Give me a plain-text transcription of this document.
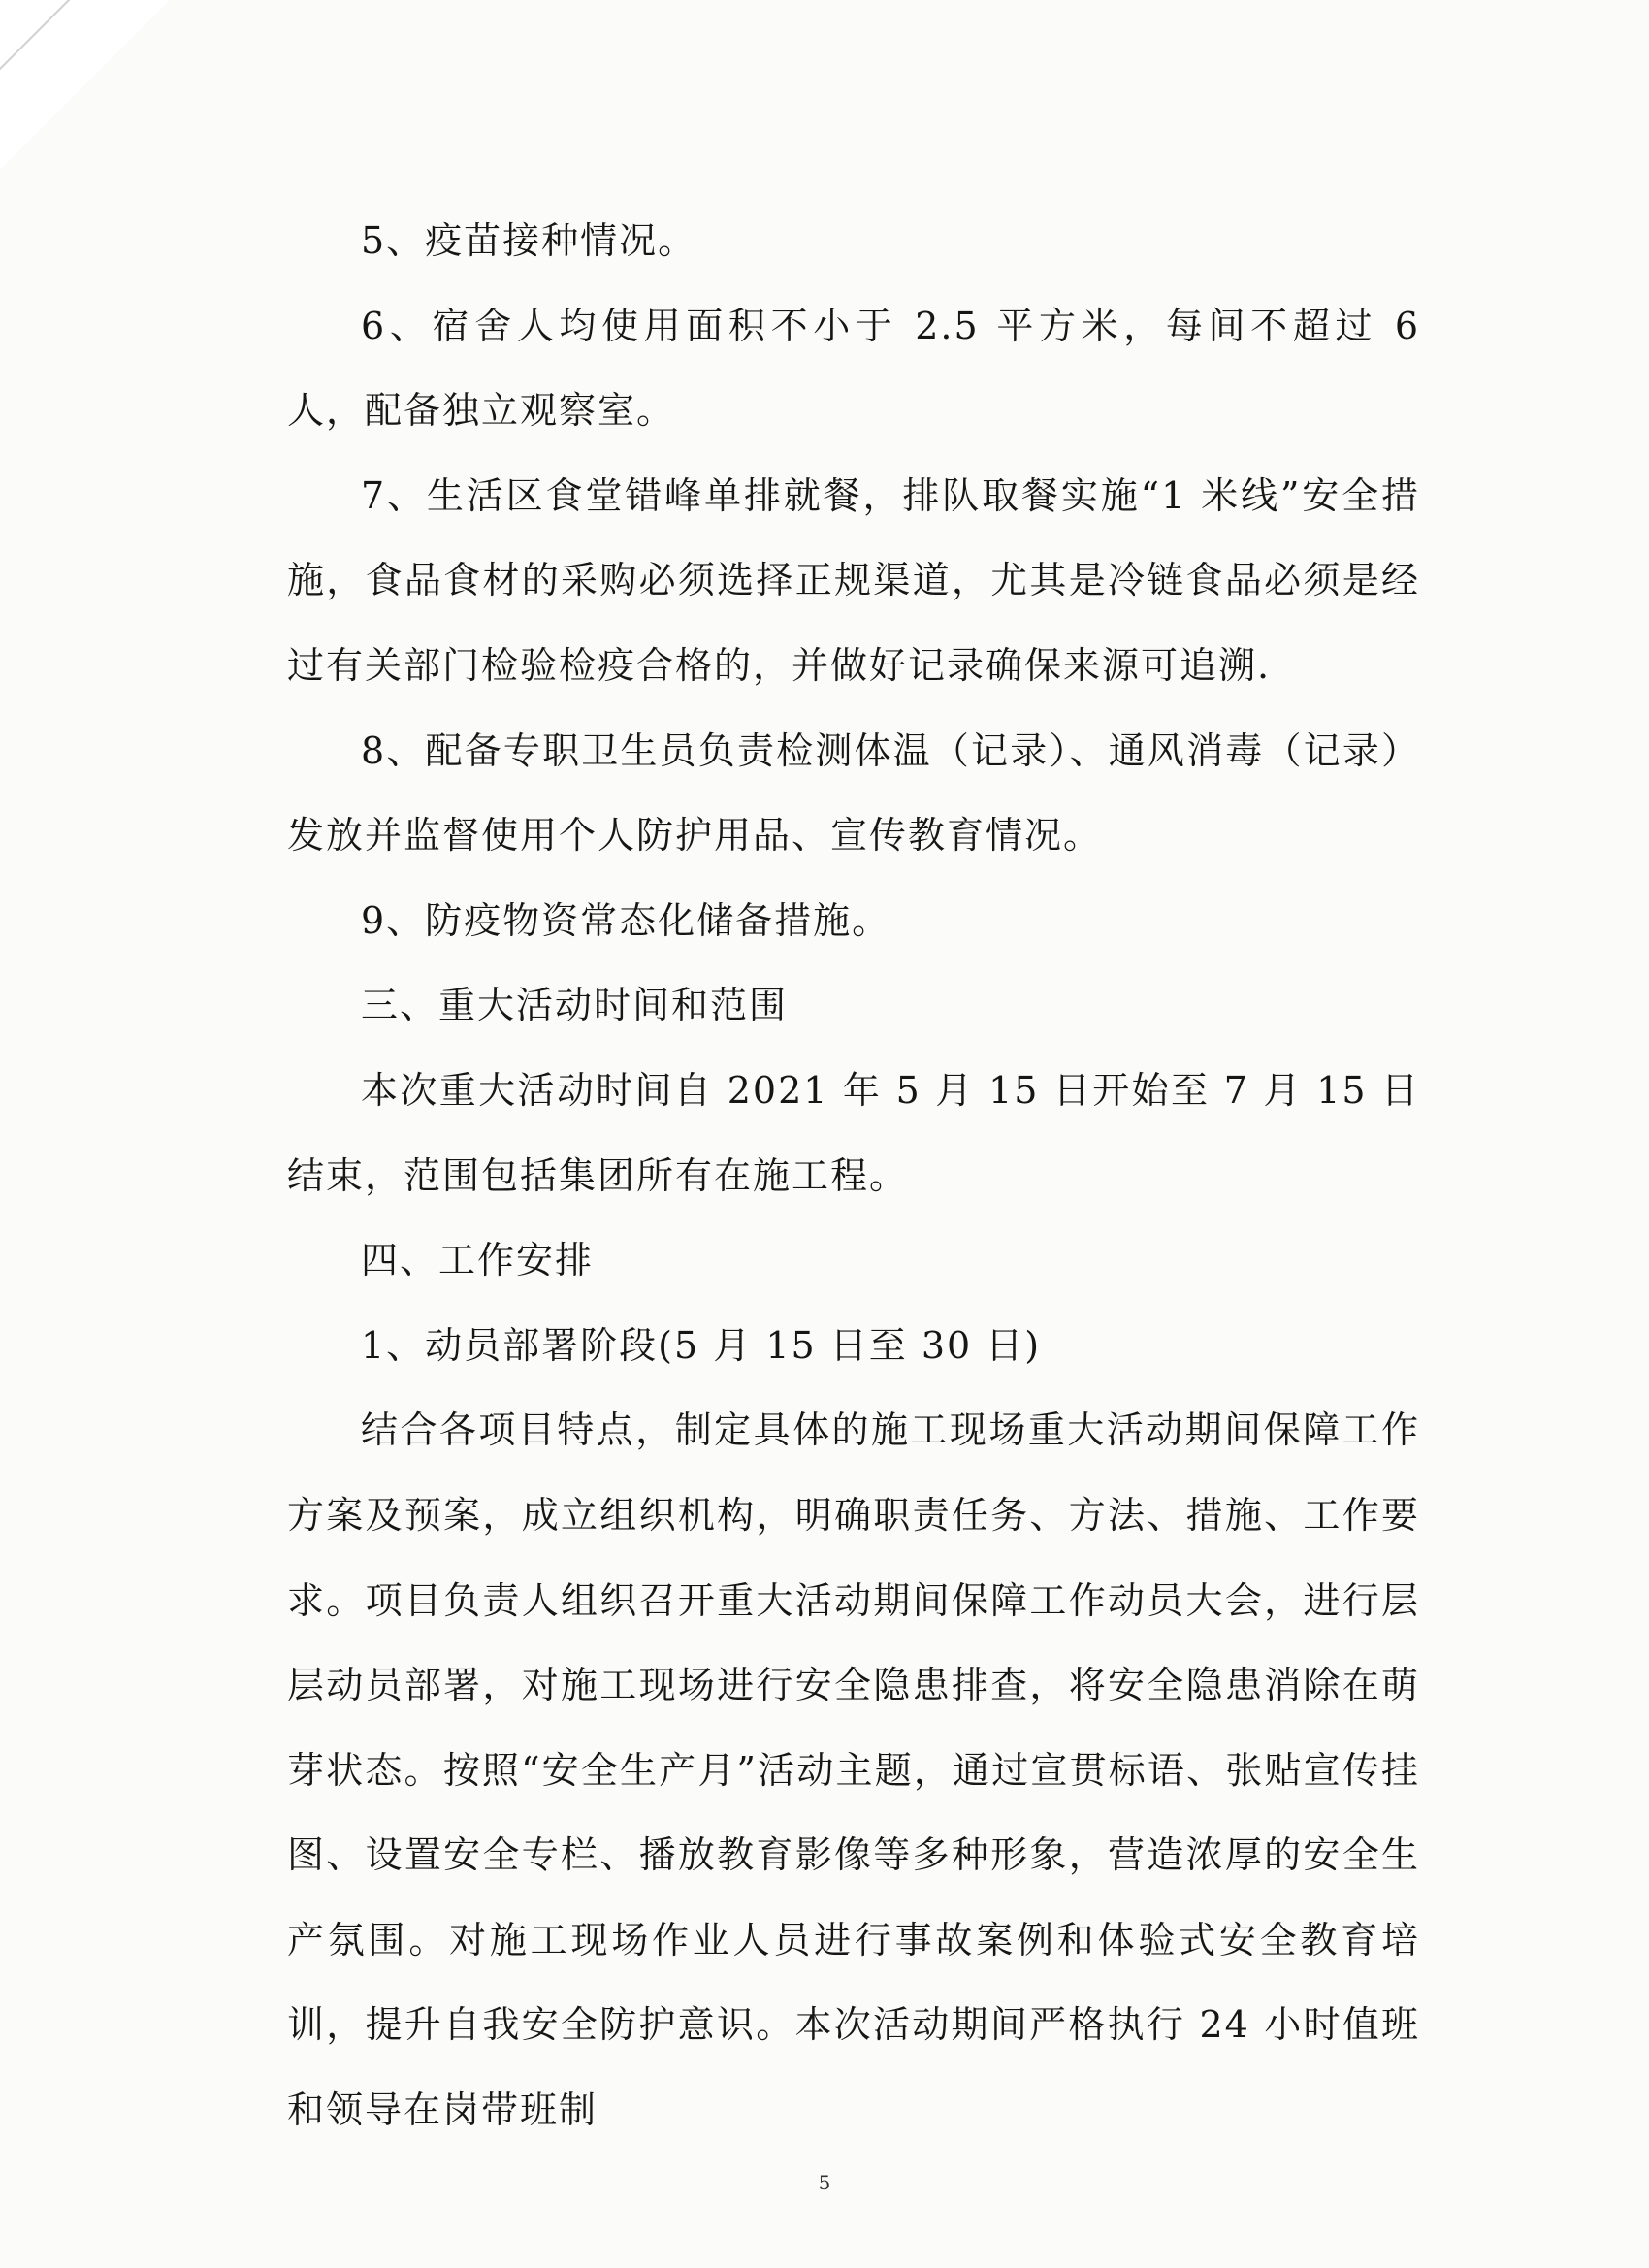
5、疫苗接种情况。

6、宿舍人均使用面积不小于 2.5 平方米，每间不超过 6 人，配备独立观察室。

7、生活区食堂错峰单排就餐，排队取餐实施“1 米线”安全措施，食品食材的采购必须选择正规渠道，尤其是冷链食品必须是经过有关部门检验检疫合格的，并做好记录确保来源可追溯.

8、配备专职卫生员负责检测体温（记录）、通风消毒（记录）发放并监督使用个人防护用品、宣传教育情况。

9、防疫物资常态化储备措施。

三、重大活动时间和范围

本次重大活动时间自 2021 年 5 月 15 日开始至 7 月 15 日结束，范围包括集团所有在施工程。

四、工作安排

1、动员部署阶段(5 月 15 日至 30 日)

结合各项目特点，制定具体的施工现场重大活动期间保障工作方案及预案，成立组织机构，明确职责任务、方法、措施、工作要求。项目负责人组织召开重大活动期间保障工作动员大会，进行层层动员部署，对施工现场进行安全隐患排查，将安全隐患消除在萌芽状态。按照“安全生产月”活动主题，通过宣贯标语、张贴宣传挂图、设置安全专栏、播放教育影像等多种形象，营造浓厚的安全生产氛围。对施工现场作业人员进行事故案例和体验式安全教育培训，提升自我安全防护意识。本次活动期间严格执行 24 小时值班和领导在岗带班制

5
